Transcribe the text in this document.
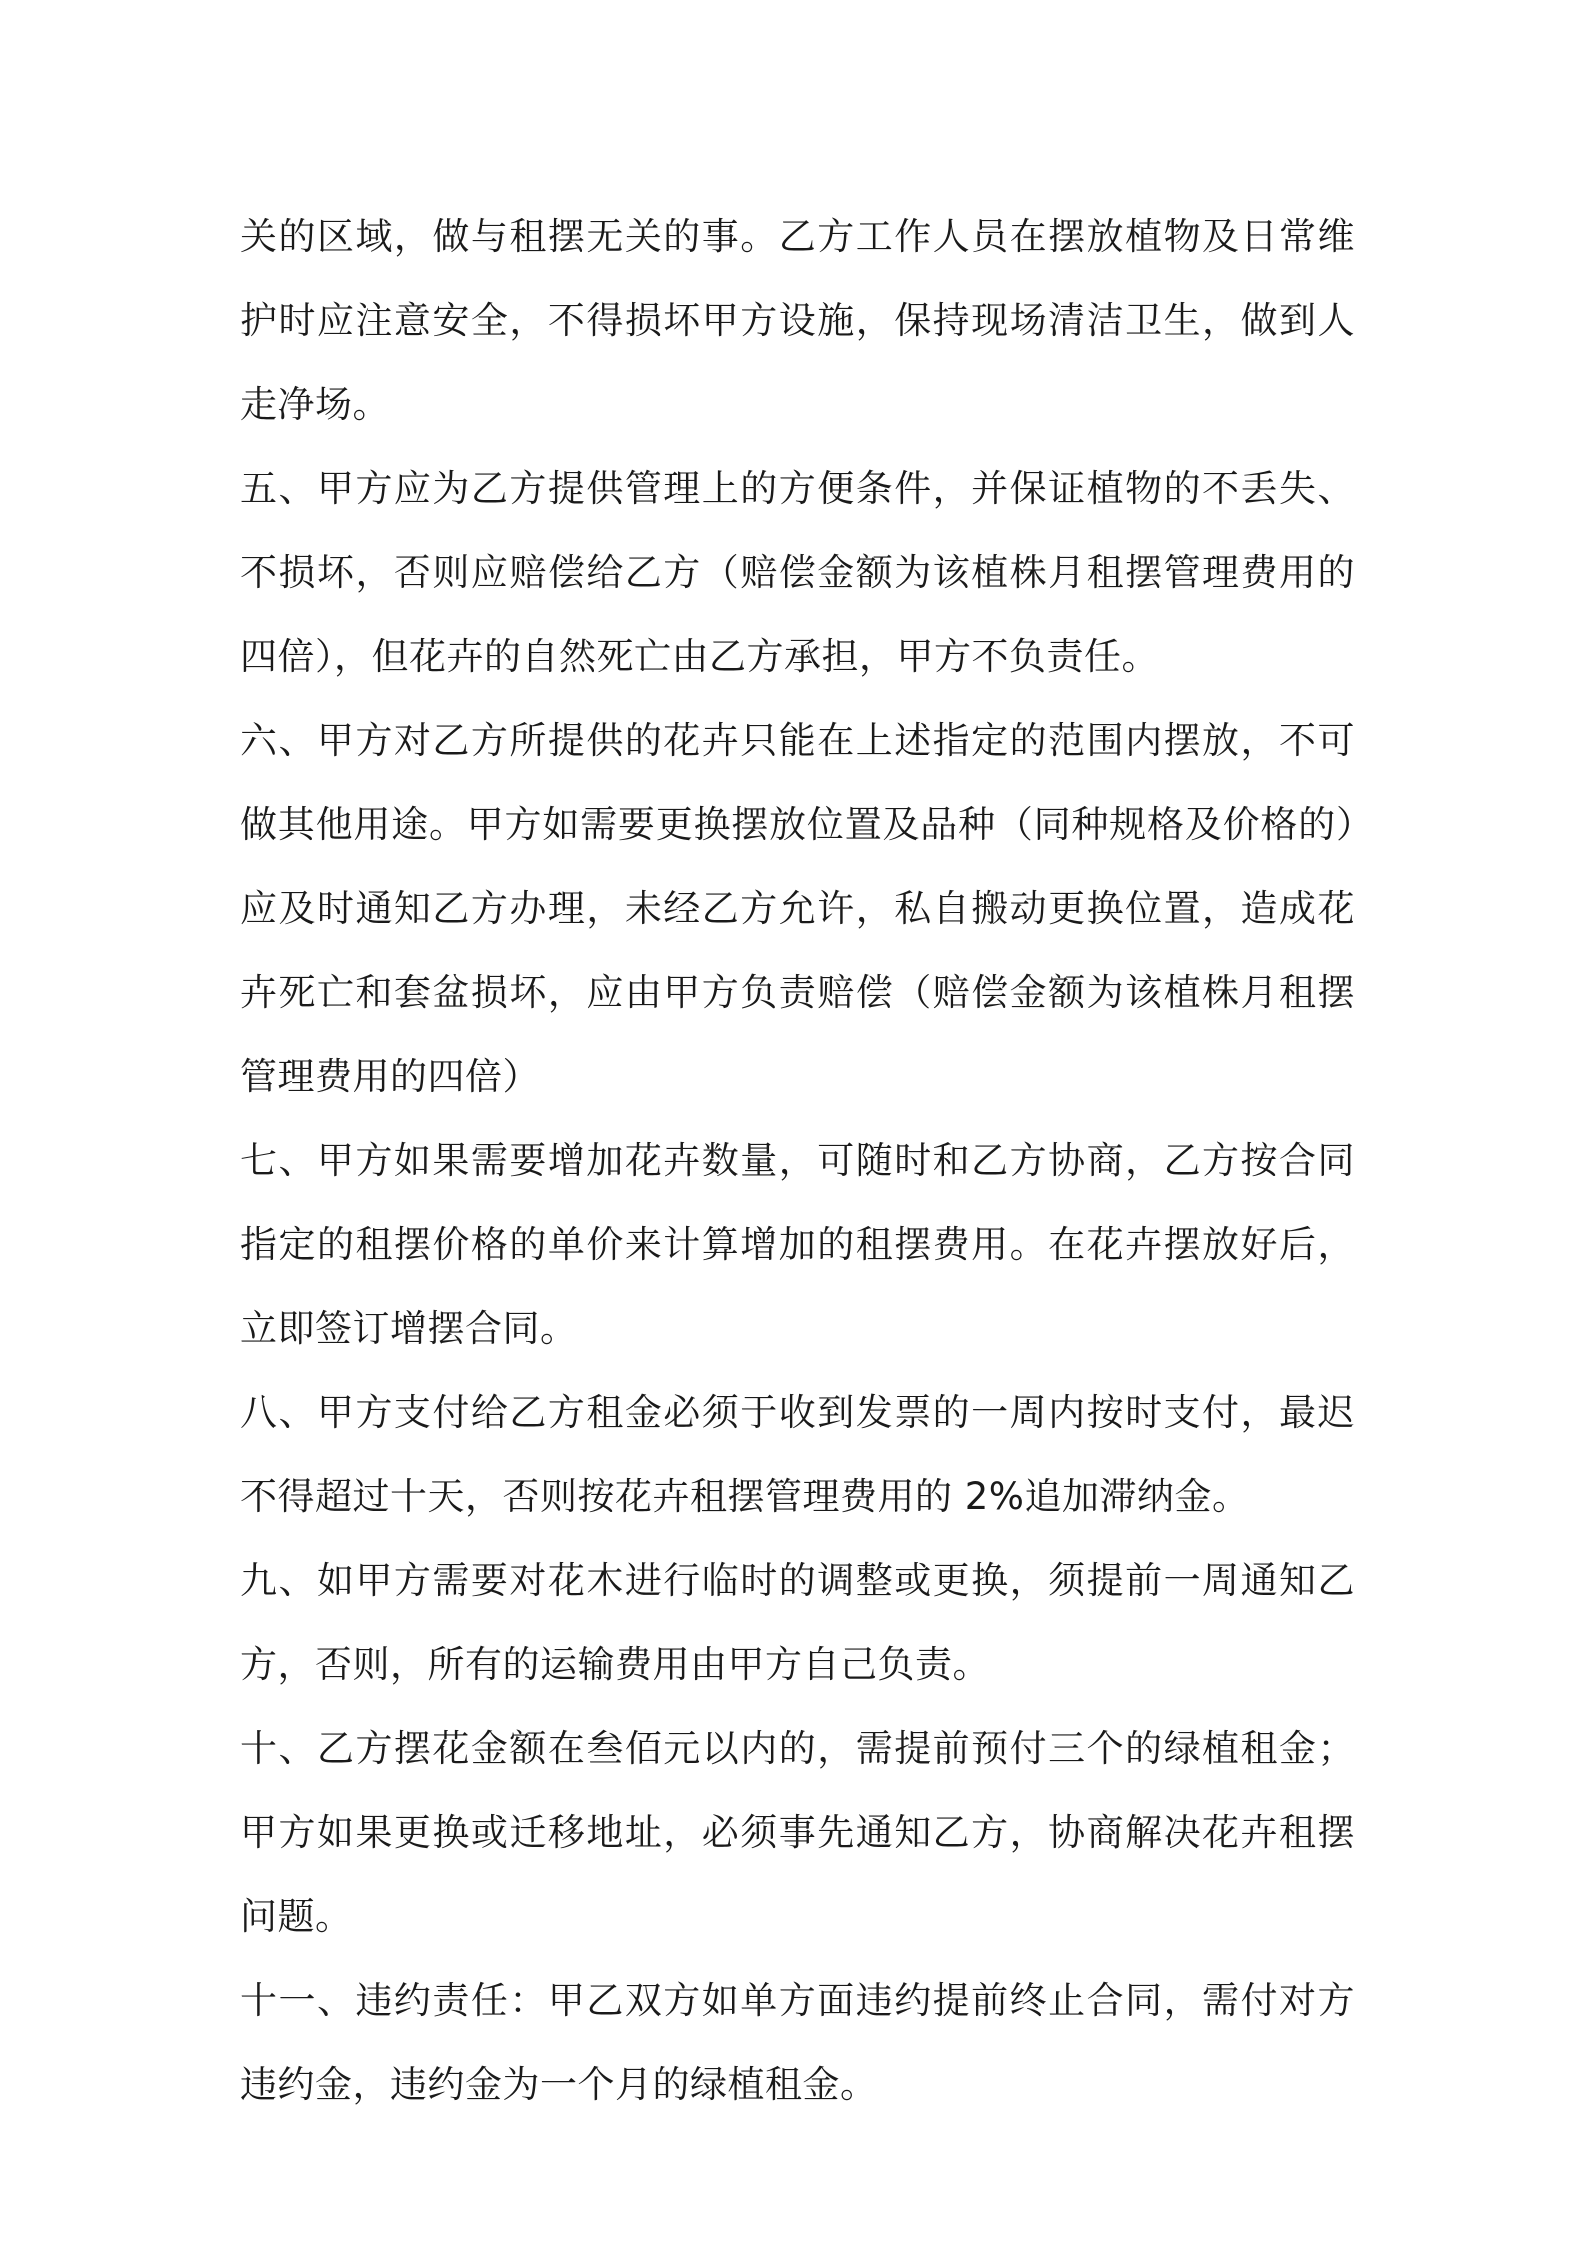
关的区域，做与租摆无关的事。乙方工作人员在摆放植物及日常维护时应注意安全，不得损坏甲方设施，保持现场清洁卫生，做到人走净场。

五、甲方应为乙方提供管理上的方便条件，并保证植物的不丢失、不损坏，否则应赔偿给乙方（赔偿金额为该植株月租摆管理费用的四倍），但花卉的自然死亡由乙方承担，甲方不负责任。

六、甲方对乙方所提供的花卉只能在上述指定的范围内摆放，不可做其他用途。甲方如需要更换摆放位置及品种（同种规格及价格的）应及时通知乙方办理，未经乙方允许，私自搬动更换位置，造成花卉死亡和套盆损坏，应由甲方负责赔偿（赔偿金额为该植株月租摆管理费用的四倍）

七、甲方如果需要增加花卉数量，可随时和乙方协商，乙方按合同指定的租摆价格的单价来计算增加的租摆费用。在花卉摆放好后，立即签订增摆合同。

八、甲方支付给乙方租金必须于收到发票的一周内按时支付，最迟不得超过十天，否则按花卉租摆管理费用的 2%追加滞纳金。

九、如甲方需要对花木进行临时的调整或更换，须提前一周通知乙方，否则，所有的运输费用由甲方自己负责。

十、乙方摆花金额在叁佰元以内的，需提前预付三个的绿植租金；甲方如果更换或迁移地址，必须事先通知乙方，协商解决花卉租摆问题。

十一、违约责任：甲乙双方如单方面违约提前终止合同，需付对方违约金，违约金为一个月的绿植租金。
